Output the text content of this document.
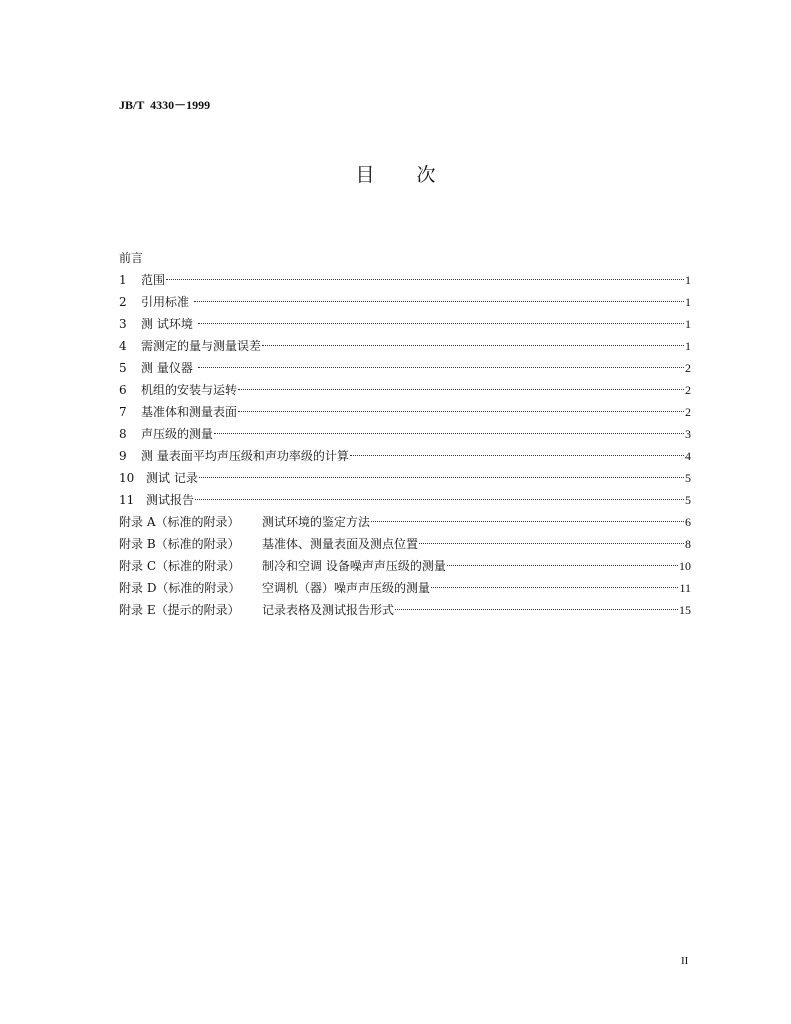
JB/T  4330－1999
目次
前言
1	范围	1
2	引用标准	1
3	测 试环境	1
4	需测定的量与测量误差	1
5	测 量仪器	2
6	机组的安装与运转	2
7	基准体和测量表面	2
8	声压级的测量	3
9	测 量表面平均声压级和声功率级的计算	4
10 测试 记录	5
11 测试报告	5
附录 A（标准的附录）	测试环境的鉴定方法	6
附录 B（标准的附录）	基准体、测量表面及测点位置	8
附录 C（标准的附录）	制冷和空调 设备噪声声压级的测量	10
附录 D（标准的附录）	空调机（器）噪声声压级的测量	11
附录 E（提示的附录）	记录表格及测试报告形式	15
II
